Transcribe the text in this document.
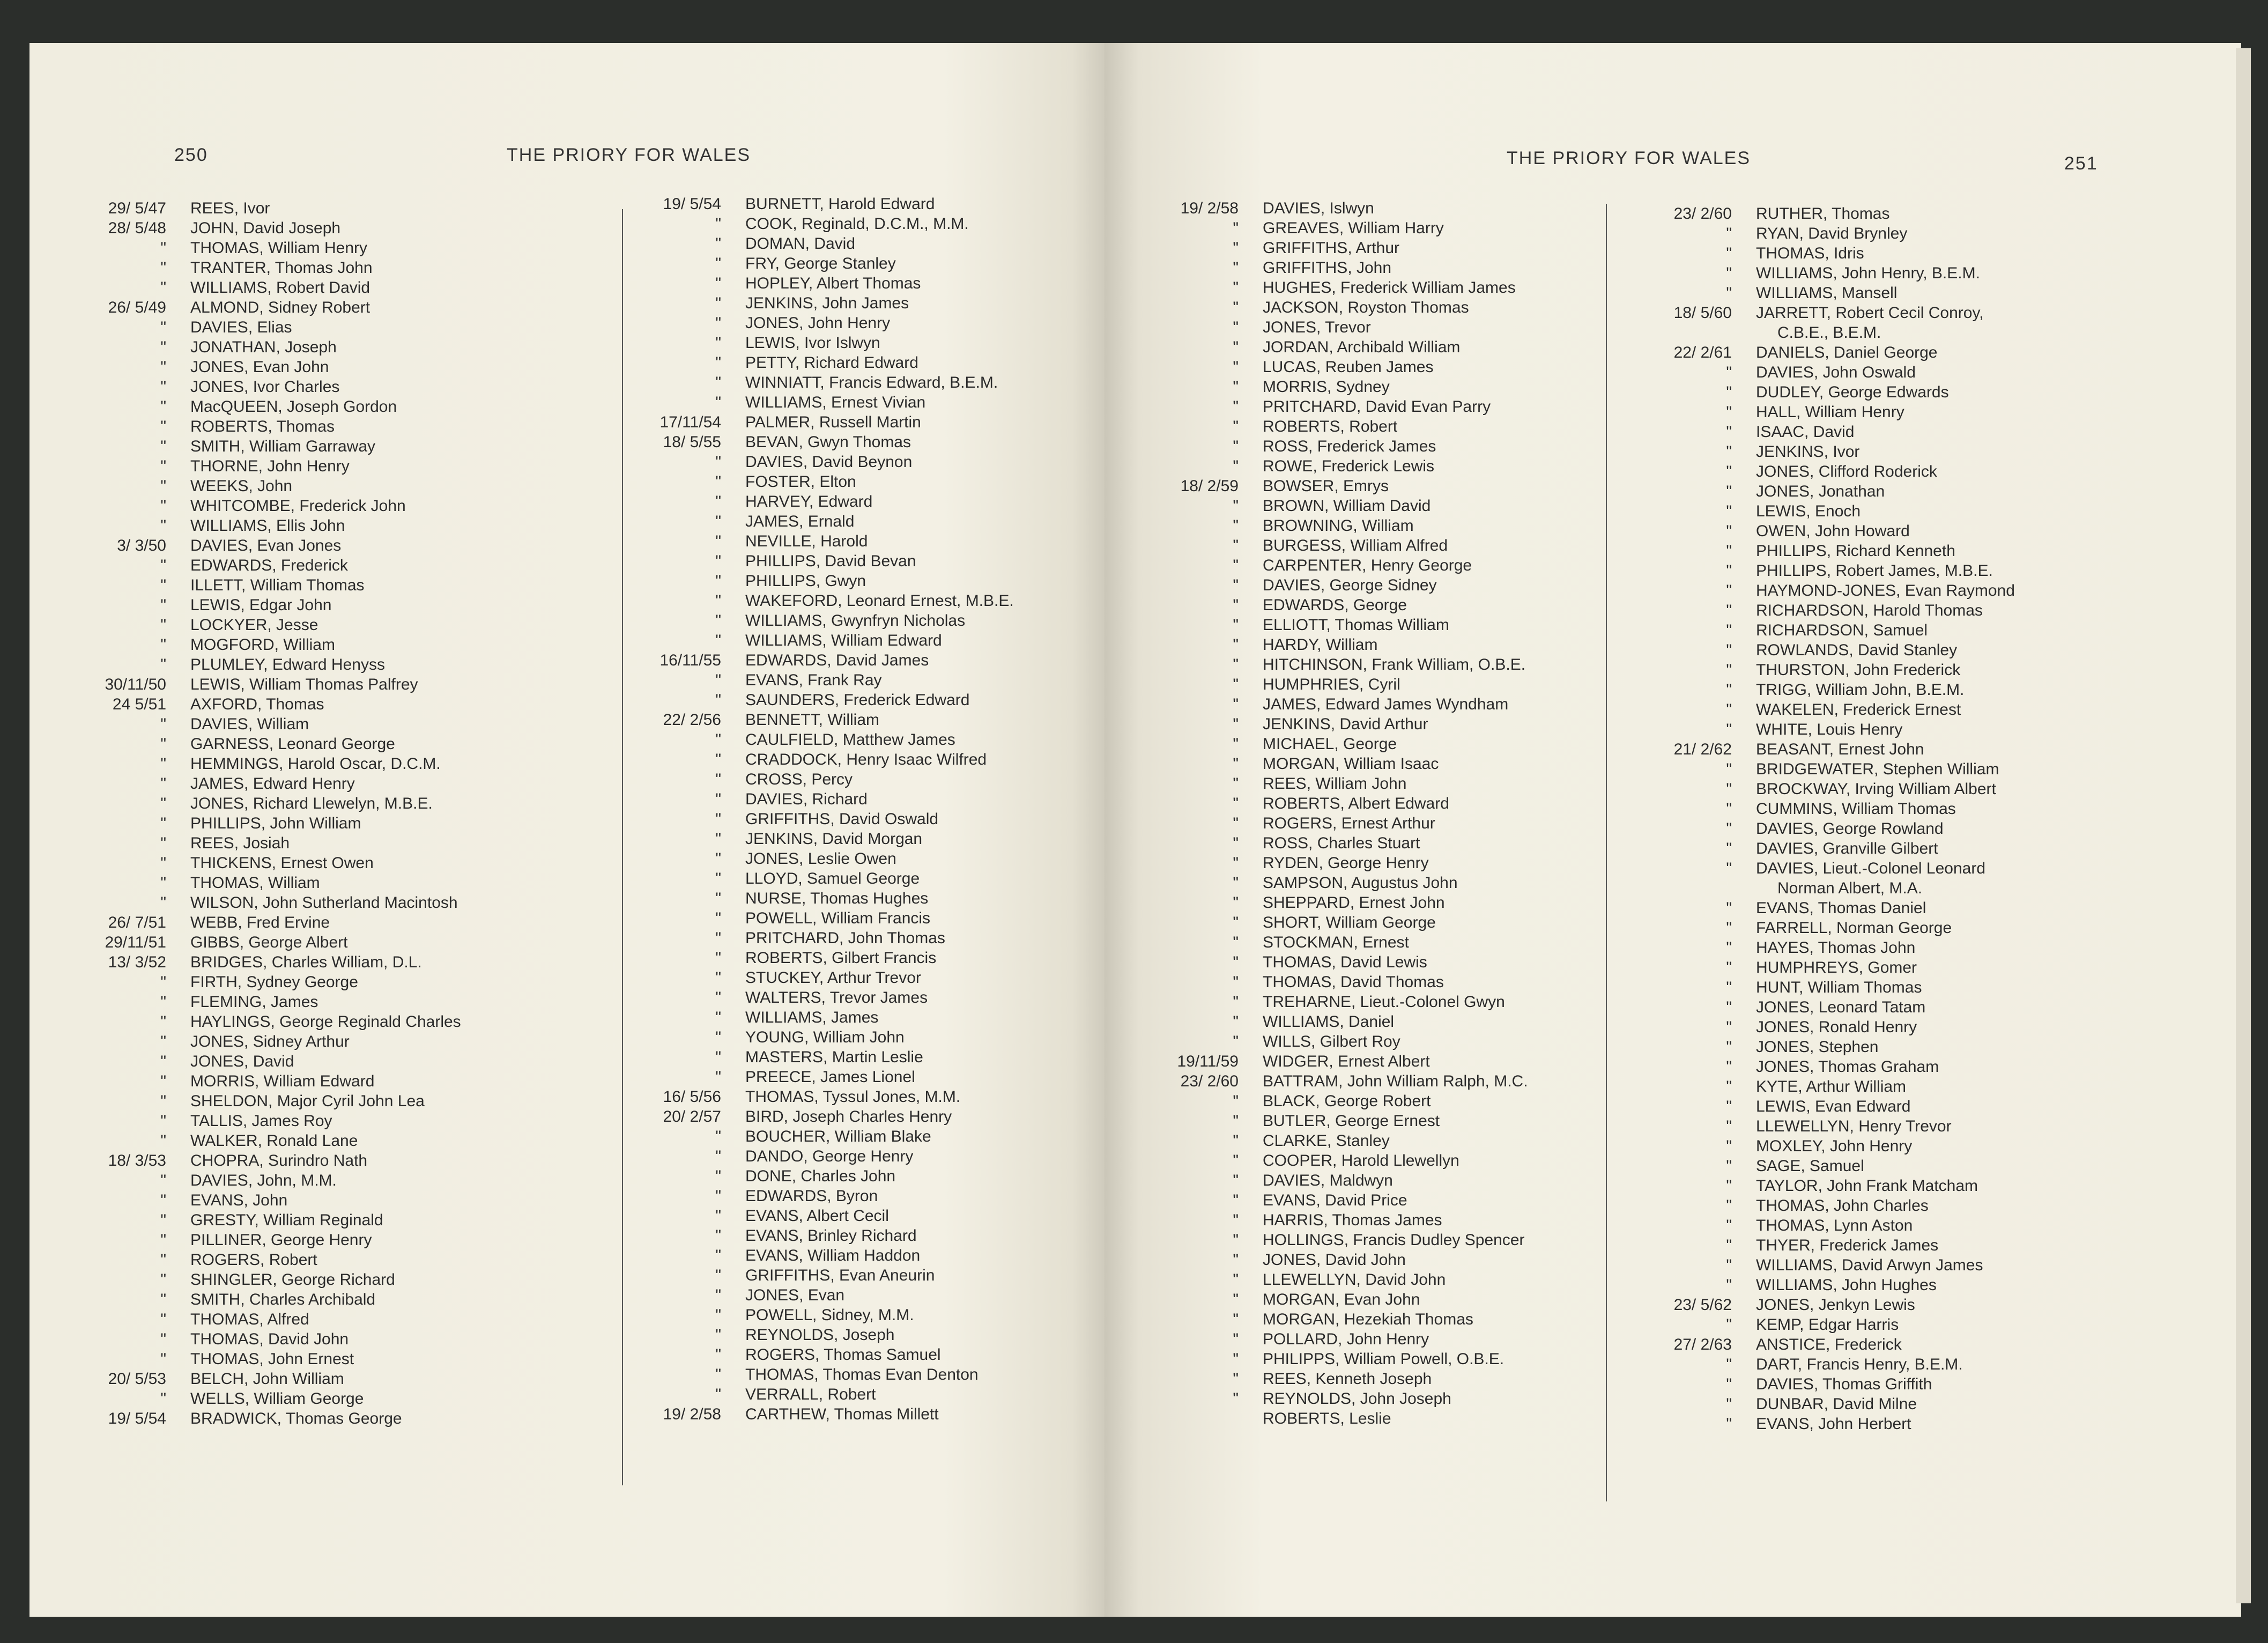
250	THE PRIORY FOR WALES
29/ 5/47 REES, Ivor
28/ 5/48 JOHN, David Joseph
" THOMAS, William Henry
" TRANTER, Thomas John
" WILLIAMS, Robert David
26/ 5/49 ALMOND, Sidney Robert
" DAVIES, Elias
" JONATHAN, Joseph
" JONES, Evan John
" JONES, Ivor Charles
" MacQUEEN, Joseph Gordon
" ROBERTS, Thomas
" SMITH, William Garraway
" THORNE, John Henry
" WEEKS, John
" WHITCOMBE, Frederick John
" WILLIAMS, Ellis John
3/ 3/50 DAVIES, Evan Jones
" EDWARDS, Frederick
" ILLETT, William Thomas
" LEWIS, Edgar John
" LOCKYER, Jesse
" MOGFORD, William
" PLUMLEY, Edward Henyss
30/11/50 LEWIS, William Thomas Palfrey
24 5/51 AXFORD, Thomas
" DAVIES, William
" GARNESS, Leonard George
" HEMMINGS, Harold Oscar, D.C.M.
" JAMES, Edward Henry
" JONES, Richard Llewelyn, M.B.E.
" PHILLIPS, John William
" REES, Josiah
" THICKENS, Ernest Owen
" THOMAS, William
" WILSON, John Sutherland Macintosh
26/ 7/51 WEBB, Fred Ervine
29/11/51 GIBBS, George Albert
13/ 3/52 BRIDGES, Charles William, D.L.
" FIRTH, Sydney George
" FLEMING, James
" HAYLINGS, George Reginald Charles
" JONES, Sidney Arthur
" JONES, David
" MORRIS, William Edward
" SHELDON, Major Cyril John Lea
" TALLIS, James Roy
" WALKER, Ronald Lane
18/ 3/53 CHOPRA, Surindro Nath
" DAVIES, John, M.M.
" EVANS, John
" GRESTY, William Reginald
" PILLINER, George Henry
" ROGERS, Robert
" SHINGLER, George Richard
" SMITH, Charles Archibald
" THOMAS, Alfred
" THOMAS, David John
" THOMAS, John Ernest
20/ 5/53 BELCH, John William
" WELLS, William George
19/ 5/54 BRADWICK, Thomas George
19/ 5/54 BURNETT, Harold Edward
" COOK, Reginald, D.C.M., M.M.
" DOMAN, David
" FRY, George Stanley
" HOPLEY, Albert Thomas
" JENKINS, John James
" JONES, John Henry
" LEWIS, Ivor Islwyn
" PETTY, Richard Edward
" WINNIATT, Francis Edward, B.E.M.
" WILLIAMS, Ernest Vivian
17/11/54 PALMER, Russell Martin
18/ 5/55 BEVAN, Gwyn Thomas
" DAVIES, David Beynon
" FOSTER, Elton
" HARVEY, Edward
" JAMES, Ernald
" NEVILLE, Harold
" PHILLIPS, David Bevan
" PHILLIPS, Gwyn
" WAKEFORD, Leonard Ernest, M.B.E.
" WILLIAMS, Gwynfryn Nicholas
" WILLIAMS, William Edward
16/11/55 EDWARDS, David James
" EVANS, Frank Ray
" SAUNDERS, Frederick Edward
22/ 2/56 BENNETT, William
" CAULFIELD, Matthew James
" CRADDOCK, Henry Isaac Wilfred
" CROSS, Percy
" DAVIES, Richard
" GRIFFITHS, David Oswald
" JENKINS, David Morgan
" JONES, Leslie Owen
" LLOYD, Samuel George
" NURSE, Thomas Hughes
" POWELL, William Francis
" PRITCHARD, John Thomas
" ROBERTS, Gilbert Francis
" STUCKEY, Arthur Trevor
" WALTERS, Trevor James
" WILLIAMS, James
" YOUNG, William John
" MASTERS, Martin Leslie
" PREECE, James Lionel
16/ 5/56 THOMAS, Tyssul Jones, M.M.
20/ 2/57 BIRD, Joseph Charles Henry
" BOUCHER, William Blake
" DANDO, George Henry
" DONE, Charles John
" EDWARDS, Byron
" EVANS, Albert Cecil
" EVANS, Brinley Richard
" EVANS, William Haddon
" GRIFFITHS, Evan Aneurin
" JONES, Evan
" POWELL, Sidney, M.M.
" REYNOLDS, Joseph
" ROGERS, Thomas Samuel
" THOMAS, Thomas Evan Denton
" VERRALL, Robert
19/ 2/58 CARTHEW, Thomas Millett
THE PRIORY FOR WALES	251
19/ 2/58 DAVIES, Islwyn
" GREAVES, William Harry
" GRIFFITHS, Arthur
" GRIFFITHS, John
" HUGHES, Frederick William James
" JACKSON, Royston Thomas
" JONES, Trevor
" JORDAN, Archibald William
" LUCAS, Reuben James
" MORRIS, Sydney
" PRITCHARD, David Evan Parry
" ROBERTS, Robert
" ROSS, Frederick James
" ROWE, Frederick Lewis
18/ 2/59 BOWSER, Emrys
" BROWN, William David
" BROWNING, William
" BURGESS, William Alfred
" CARPENTER, Henry George
" DAVIES, George Sidney
" EDWARDS, George
" ELLIOTT, Thomas William
" HARDY, William
" HITCHINSON, Frank William, O.B.E.
" HUMPHRIES, Cyril
" JAMES, Edward James Wyndham
" JENKINS, David Arthur
" MICHAEL, George
" MORGAN, William Isaac
" REES, William John
" ROBERTS, Albert Edward
" ROGERS, Ernest Arthur
" ROSS, Charles Stuart
" RYDEN, George Henry
" SAMPSON, Augustus John
" SHEPPARD, Ernest John
" SHORT, William George
" STOCKMAN, Ernest
" THOMAS, David Lewis
" THOMAS, David Thomas
" TREHARNE, Lieut.-Colonel Gwyn
" WILLIAMS, Daniel
" WILLS, Gilbert Roy
19/11/59 WIDGER, Ernest Albert
23/ 2/60 BATTRAM, John William Ralph, M.C.
" BLACK, George Robert
" BUTLER, George Ernest
" CLARKE, Stanley
" COOPER, Harold Llewellyn
" DAVIES, Maldwyn
" EVANS, David Price
" HARRIS, Thomas James
" HOLLINGS, Francis Dudley Spencer
" JONES, David John
" LLEWELLYN, David John
" MORGAN, Evan John
" MORGAN, Hezekiah Thomas
" POLLARD, John Henry
" PHILIPPS, William Powell, O.B.E.
" REES, Kenneth Joseph
" REYNOLDS, John Joseph
ROBERTS, Leslie
23/ 2/60 RUTHER, Thomas
" RYAN, David Brynley
" THOMAS, Idris
" WILLIAMS, John Henry, B.E.M.
" WILLIAMS, Mansell
18/ 5/60 JARRETT, Robert Cecil Conroy,
C.B.E., B.E.M.
22/ 2/61 DANIELS, Daniel George
" DAVIES, John Oswald
" DUDLEY, George Edwards
" HALL, William Henry
" ISAAC, David
" JENKINS, Ivor
" JONES, Clifford Roderick
" JONES, Jonathan
" LEWIS, Enoch
" OWEN, John Howard
" PHILLIPS, Richard Kenneth
" PHILLIPS, Robert James, M.B.E.
" HAYMOND-JONES, Evan Raymond
" RICHARDSON, Harold Thomas
" RICHARDSON, Samuel
" ROWLANDS, David Stanley
" THURSTON, John Frederick
" TRIGG, William John, B.E.M.
" WAKELEN, Frederick Ernest
" WHITE, Louis Henry
21/ 2/62 BEASANT, Ernest John
" BRIDGEWATER, Stephen William
" BROCKWAY, Irving William Albert
" CUMMINS, William Thomas
" DAVIES, George Rowland
" DAVIES, Granville Gilbert
" DAVIES, Lieut.-Colonel Leonard
Norman Albert, M.A.
" EVANS, Thomas Daniel
" FARRELL, Norman George
" HAYES, Thomas John
" HUMPHREYS, Gomer
" HUNT, William Thomas
" JONES, Leonard Tatam
" JONES, Ronald Henry
" JONES, Stephen
" JONES, Thomas Graham
" KYTE, Arthur William
" LEWIS, Evan Edward
" LLEWELLYN, Henry Trevor
" MOXLEY, John Henry
" SAGE, Samuel
" TAYLOR, John Frank Matcham
" THOMAS, John Charles
" THOMAS, Lynn Aston
" THYER, Frederick James
" WILLIAMS, David Arwyn James
" WILLIAMS, John Hughes
23/ 5/62 JONES, Jenkyn Lewis
" KEMP, Edgar Harris
27/ 2/63 ANSTICE, Frederick
" DART, Francis Henry, B.E.M.
" DAVIES, Thomas Griffith
" DUNBAR, David Milne
" EVANS, John Herbert
